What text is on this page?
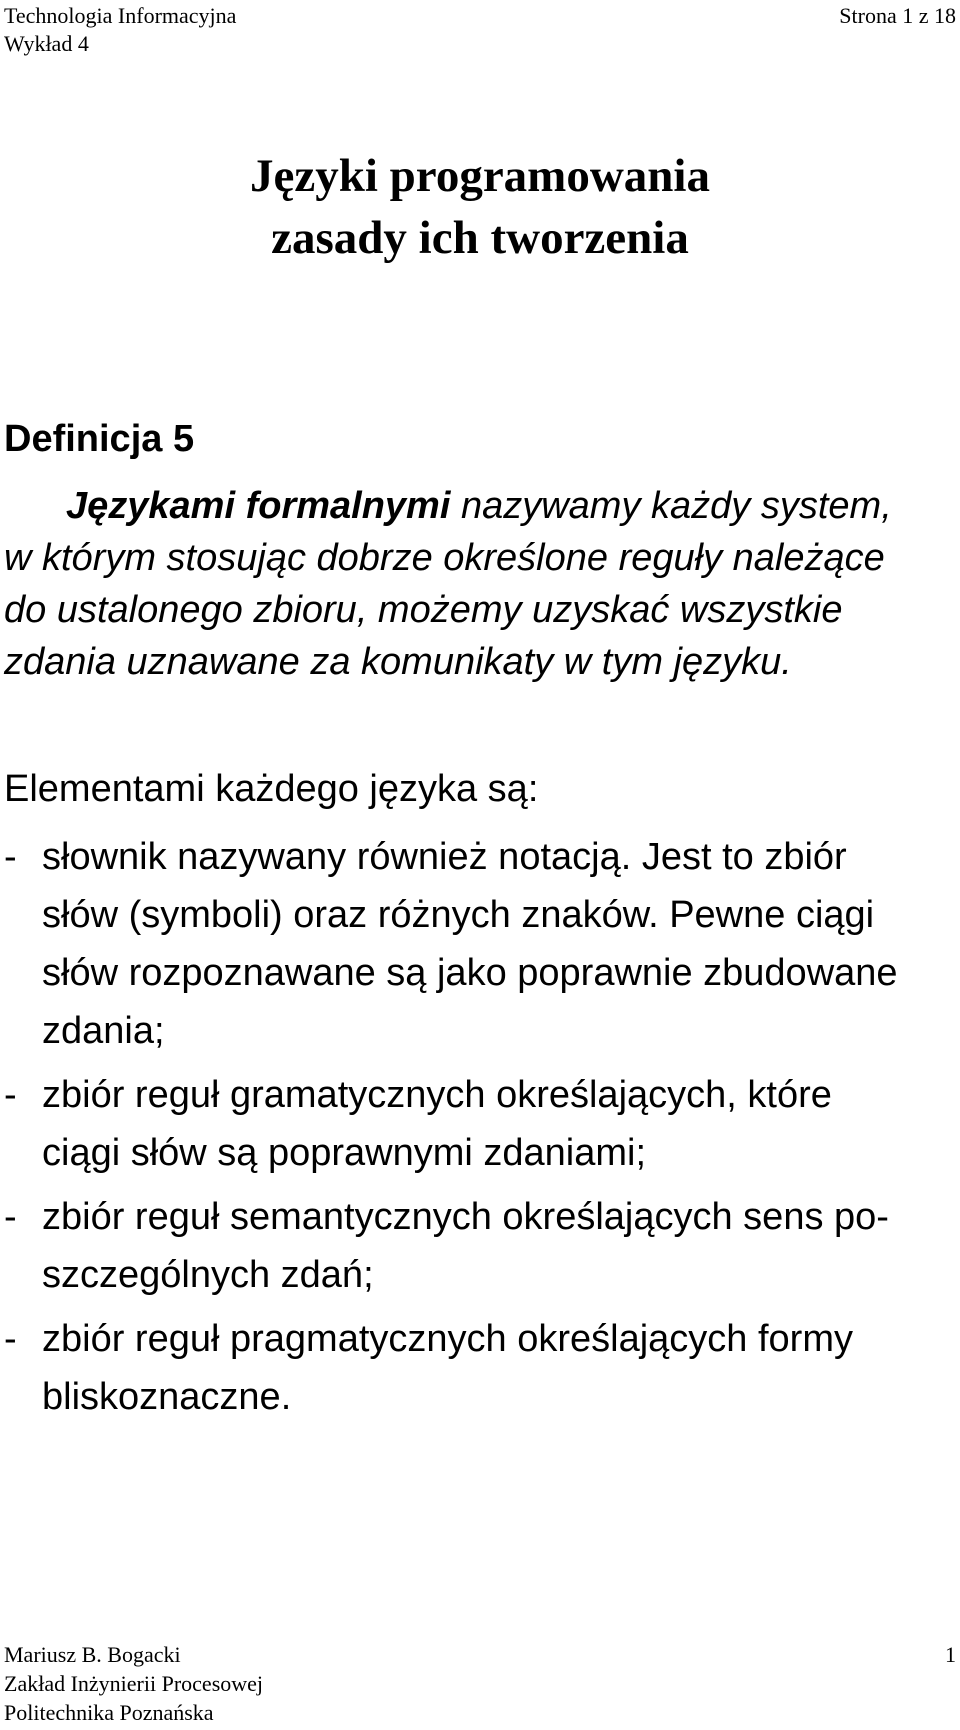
Technologia Informacyjna
Wykład 4
Strona 1 z 18
Języki programowania
zasady ich tworzenia
Definicja 5
Językami formalnymi nazywamy każdy system,
w którym stosując dobrze określone reguły należące
do ustalonego zbioru, możemy uzyskać wszystkie
zdania uznawane za komunikaty w tym języku.
Elementami każdego języka są:
- słownik nazywany również notacją. Jest to zbiór
słów (symboli) oraz różnych znaków. Pewne ciągi
słów rozpoznawane są jako poprawnie zbudowane
zdania;
- zbiór reguł gramatycznych określających, które
ciągi słów są poprawnymi zdaniami;
- zbiór reguł semantycznych określających sens po-
szczególnych zdań;
- zbiór reguł pragmatycznych określających formy
bliskoznaczne.
Mariusz B. Bogacki
Zakład Inżynierii Procesowej
Politechnika Poznańska
1
